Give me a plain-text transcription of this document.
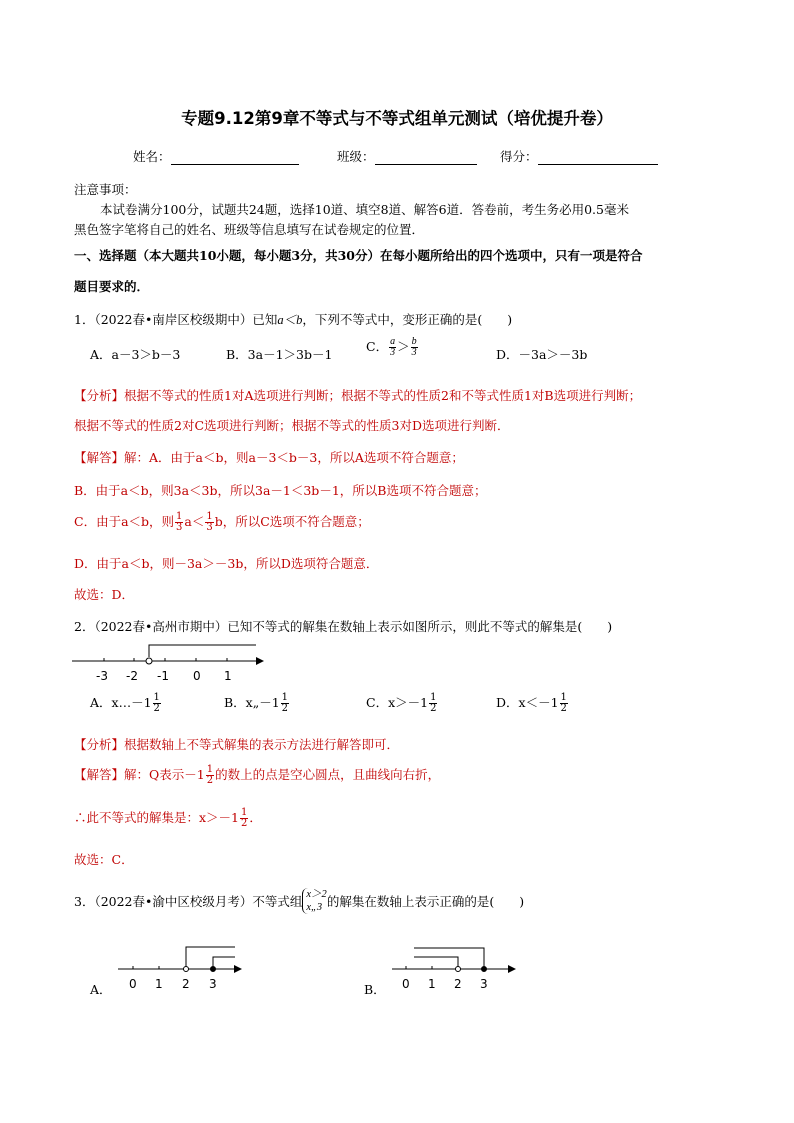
专题9.12第9章不等式与不等式组单元测试（培优提升卷）
姓名：	班级：	得分：
注意事项：
本试卷满分100分，试题共24题，选择10道、填空8道、解答6道．答卷前，考生务必用0.5毫米
黑色签字笔将自己的姓名、班级等信息填写在试卷规定的位置．
一、选择题（本大题共10小题，每小题3分，共30分）在每小题所给出的四个选项中，只有一项是符合
题目要求的．
1．（2022春•南岸区校级期中）已知a＜b，下列不等式中，变形正确的是(　　)
A．a－3＞b－3	B．3a－1＞3b－1
C． $\frac{a}{3} > \frac{b}{3}$	D．－3a＞－3b
【分析】根据不等式的性质1对A选项进行判断；根据不等式的性质2和不等式性质1对B选项进行判断；
根据不等式的性质2对C选项进行判断；根据不等式的性质3对D选项进行判断．
【解答】解：A．由于a＜b，则a－3＜b－3，所以A选项不符合题意；
B．由于a＜b，则3a＜3b，所以3a－1＜3b－1，所以B选项不符合题意；
C．由于a＜b，则 $\frac{1}{3} a< \frac{1}{3}$ b，所以C选项不符合题意；
D．由于a＜b，则－3a＞－3b，所以D选项符合题意．
故选：D．
2．（2022春•高州市期中）已知不等式的解集在数轴上表示如图所示，则此不等式的解集是(　　)
-3 -2 -1 0 1
A．x…－1 $\frac{1}{2}$	B．x„－1 $\frac{1}{2}$	C．$x>-1 \frac{1}{2}$	D．$x<-1 \frac{1}{2}$
【分析】根据数轴上不等式解集的表示方法进行解答即可．
【解答】解：Q表示$-1 \frac{1}{2}$ 的数上的点是空心圆点，且曲线向右折，
∴此不等式的解集是：$x>-1 \frac{1}{2}$ ．
故选：C．
3．（2022春•渝中区校级月考）不等式组 x＞2
x„3 的解集在数轴上表示正确的是(　　)
A． 0 1 2 3	B． 0 1 2 3
